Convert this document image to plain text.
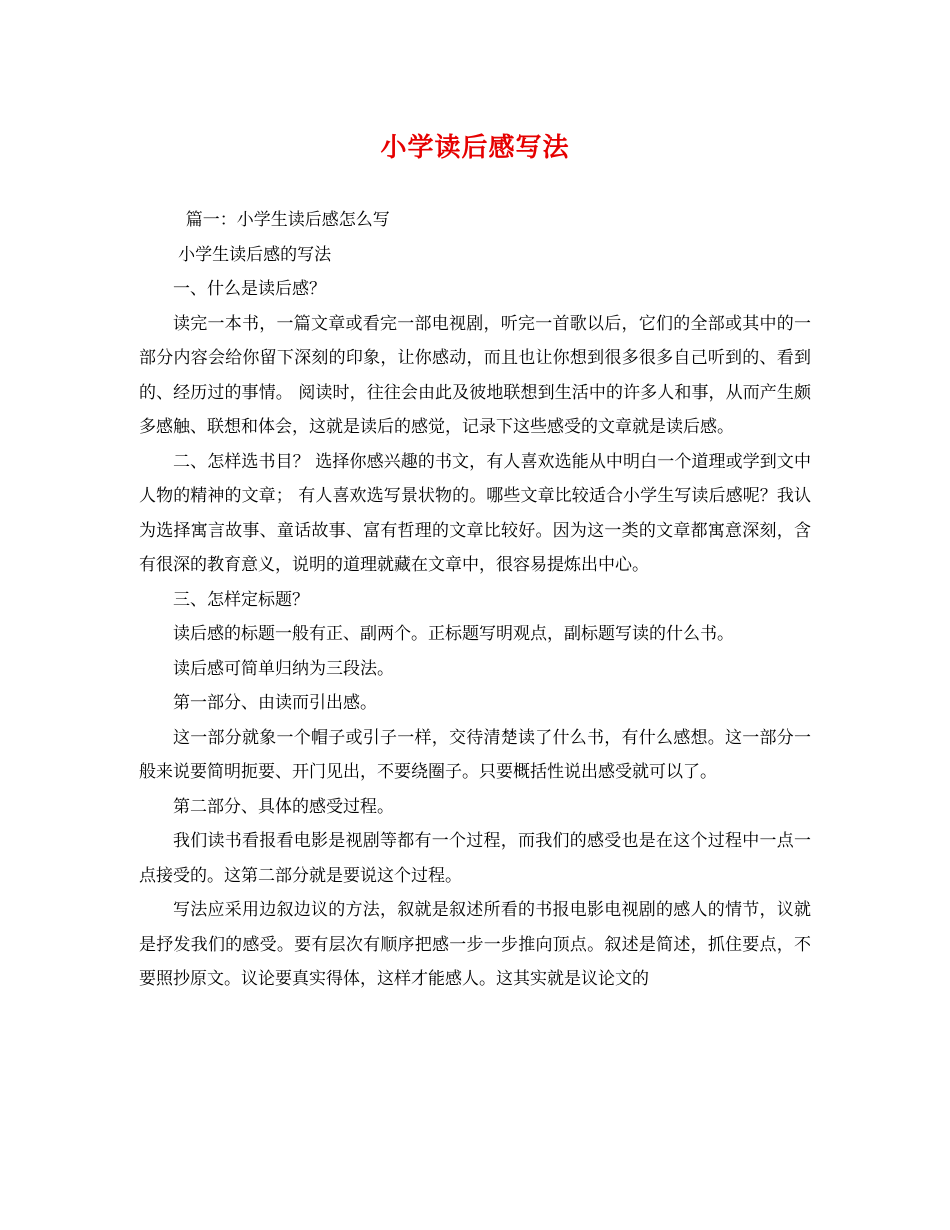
小学读后感写法

篇一：小学生读后感怎么写

小学生读后感的写法

一、什么是读后感？

读完一本书，一篇文章或看完一部电视剧，听完一首歌以后，它们的全部或其中的一部分内容会给你留下深刻的印象，让你感动，而且也让你想到很多很多自己听到的、看到的、经历过的事情。 阅读时，往往会由此及彼地联想到生活中的许多人和事，从而产生颇多感触、联想和体会，这就是读后的感觉，记录下这些感受的文章就是读后感。

二、怎样选书目？ 选择你感兴趣的书文，有人喜欢选能从中明白一个道理或学到文中人物的精神的文章； 有人喜欢选写景状物的。哪些文章比较适合小学生写读后感呢？我认为选择寓言故事、童话故事、富有哲理的文章比较好。因为这一类的文章都寓意深刻，含有很深的教育意义，说明的道理就藏在文章中，很容易提炼出中心。

三、怎样定标题？

读后感的标题一般有正、副两个。正标题写明观点，副标题写读的什么书。

读后感可简单归纳为三段法。

第一部分、由读而引出感。

这一部分就象一个帽子或引子一样，交待清楚读了什么书，有什么感想。这一部分一般来说要简明扼要、开门见出，不要绕圈子。只要概括性说出感受就可以了。

第二部分、具体的感受过程。

我们读书看报看电影是视剧等都有一个过程，而我们的感受也是在这个过程中一点一点接受的。这第二部分就是要说这个过程。

写法应采用边叙边议的方法，叙就是叙述所看的书报电影电视剧的感人的情节，议就是抒发我们的感受。要有层次有顺序把感一步一步推向顶点。叙述是简述，抓住要点，不要照抄原文。议论要真实得体，这样才能感人。这其实就是议论文的
